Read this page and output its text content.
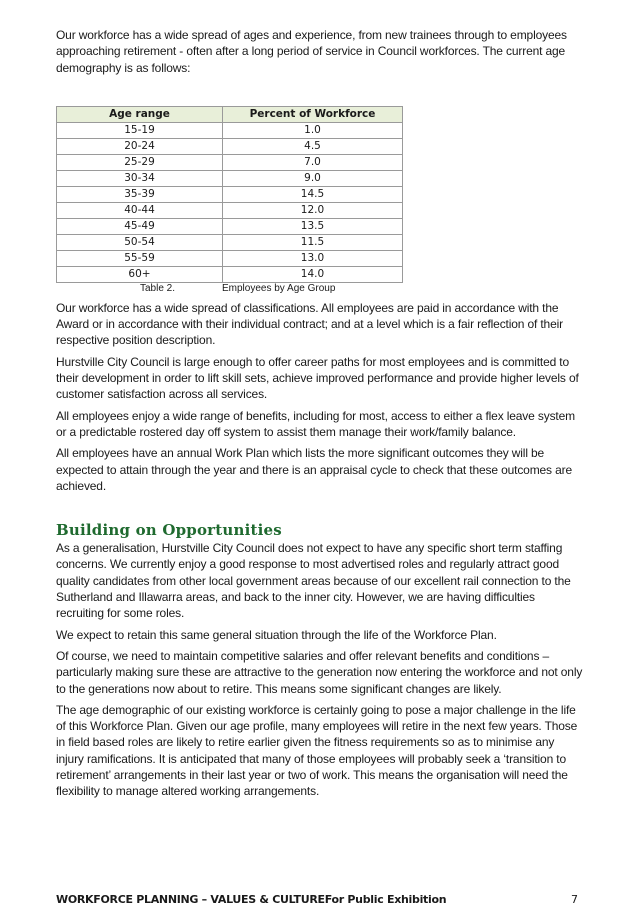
Our workforce has a wide spread of ages and experience, from new trainees through to employees approaching retirement - often after a long period of service in Council workforces. The current age demography is as follows:

Age range	Percent of Workforce
15-19	1.0
20-24	4.5
25-29	7.0
30-34	9.0
35-39	14.5
40-44	12.0
45-49	13.5
50-54	11.5
55-59	13.0
60+	14.0
Table 2.	Employees by Age Group

Our workforce has a wide spread of classifications. All employees are paid in accordance with the Award or in accordance with their individual contract; and at a level which is a fair reflection of their respective position description.

Hurstville City Council is large enough to offer career paths for most employees and is committed to their development in order to lift skill sets, achieve improved performance and provide higher levels of customer satisfaction across all services.

All employees enjoy a wide range of benefits, including for most, access to either a flex leave system or a predictable rostered day off system to assist them manage their work/family balance.

All employees have an annual Work Plan which lists the more significant outcomes they will be expected to attain through the year and there is an appraisal cycle to check that these outcomes are achieved.

Building on Opportunities

As a generalisation, Hurstville City Council does not expect to have any specific short term staffing concerns. We currently enjoy a good response to most advertised roles and regularly attract good quality candidates from other local government areas because of our excellent rail connection to the Sutherland and Illawarra areas, and back to the inner city. However, we are having difficulties recruiting for some roles.

We expect to retain this same general situation through the life of the Workforce Plan.

Of course, we need to maintain competitive salaries and offer relevant benefits and conditions – particularly making sure these are attractive to the generation now entering the workforce and not only to the generations now about to retire. This means some significant changes are likely.

The age demographic of our existing workforce is certainly going to pose a major challenge in the life of this Workforce Plan. Given our age profile, many employees will retire in the next few years. Those in field based roles are likely to retire earlier given the fitness requirements so as to minimise any injury ramifications. It is anticipated that many of those employees will probably seek a ‘transition to retirement’ arrangements in their last year or two of work. This means the organisation will need the flexibility to manage altered working arrangements.

WORKFORCE PLANNING – VALUES & CULTUREFor Public Exhibition	7
